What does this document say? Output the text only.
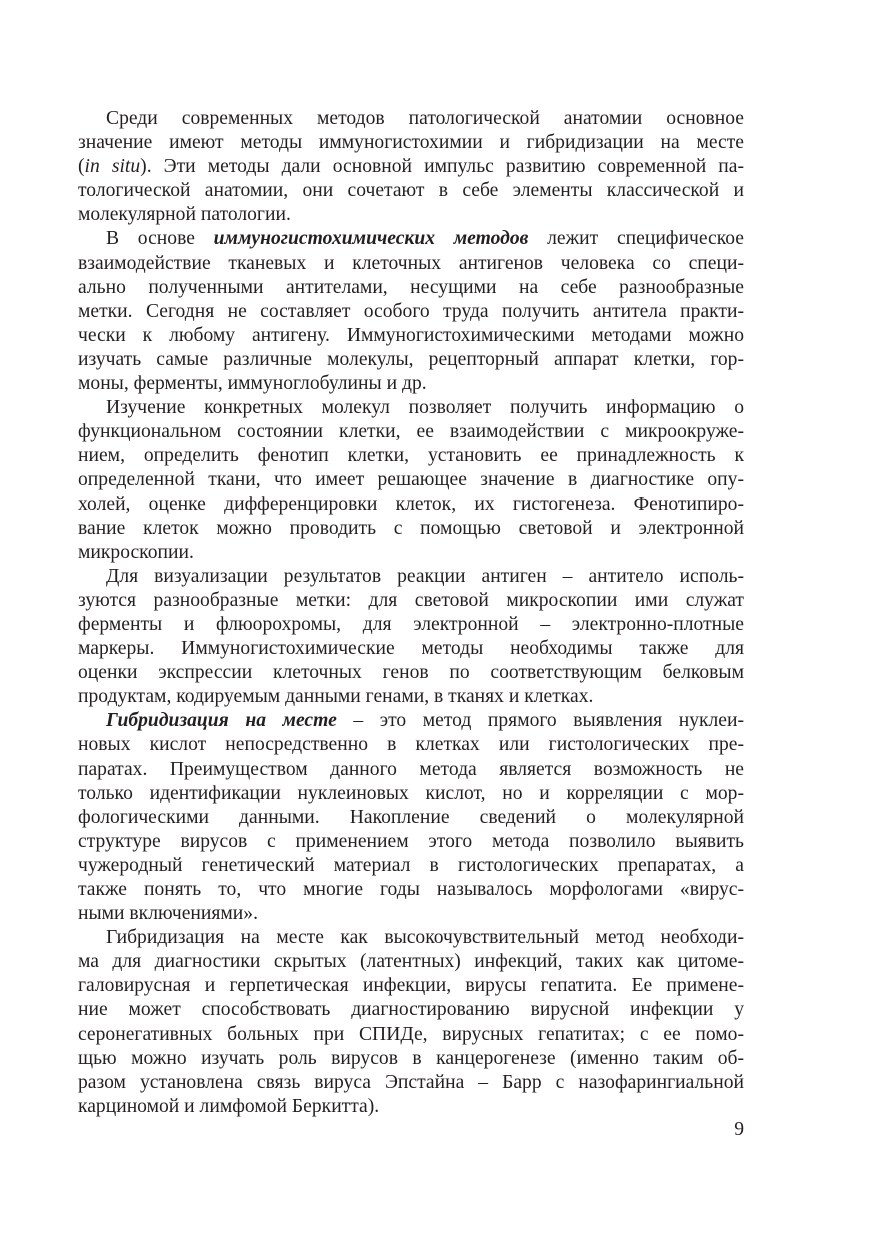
Среди современных методов патологической анатомии основное
значение имеют методы иммуногистохимии и гибридизации на месте
(in situ). Эти методы дали основной импульс развитию современной па-
тологической анатомии, они сочетают в себе элементы классической и
молекулярной патологии.
В основе иммуногистохимических методов лежит специфическое
взаимодействие тканевых и клеточных антигенов человека со специ-
ально полученными антителами, несущими на себе разнообразные
метки. Сегодня не составляет особого труда получить антитела практи-
чески к любому антигену. Иммуногистохимическими методами можно
изучать самые различные молекулы, рецепторный аппарат клетки, гор-
моны, ферменты, иммуноглобулины и др.
Изучение конкретных молекул позволяет получить информацию о
функциональном состоянии клетки, ее взаимодействии с микроокруже-
нием, определить фенотип клетки, установить ее принадлежность к
определенной ткани, что имеет решающее значение в диагностике опу-
холей, оценке дифференцировки клеток, их гистогенеза. Фенотипиро-
вание клеток можно проводить с помощью световой и электронной
микроскопии.
Для визуализации результатов реакции антиген – антитело исполь-
зуются разнообразные метки: для световой микроскопии ими служат
ферменты и флюорохромы, для электронной – электронно-плотные
маркеры. Иммуногистохимические методы необходимы также для
оценки экспрессии клеточных генов по соответствующим белковым
продуктам, кодируемым данными генами, в тканях и клетках.
Гибридизация на месте – это метод прямого выявления нуклеи-
новых кислот непосредственно в клетках или гистологических пре-
паратах. Преимуществом данного метода является возможность не
только идентификации нуклеиновых кислот, но и корреляции с мор-
фологическими данными. Накопление сведений о молекулярной
структуре вирусов с применением этого метода позволило выявить
чужеродный генетический материал в гистологических препаратах, а
также понять то, что многие годы называлось морфологами «вирус-
ными включениями».
Гибридизация на месте как высокочувствительный метод необходи-
ма для диагностики скрытых (латентных) инфекций, таких как цитоме-
галовирусная и герпетическая инфекции, вирусы гепатита. Ее примене-
ние может способствовать диагностированию вирусной инфекции у
серонегативных больных при СПИДе, вирусных гепатитах; с ее помо-
щью можно изучать роль вирусов в канцерогенезе (именно таким об-
разом установлена связь вируса Эпстайна – Барр с назофарингиальной
карциномой и лимфомой Беркитта).
9
